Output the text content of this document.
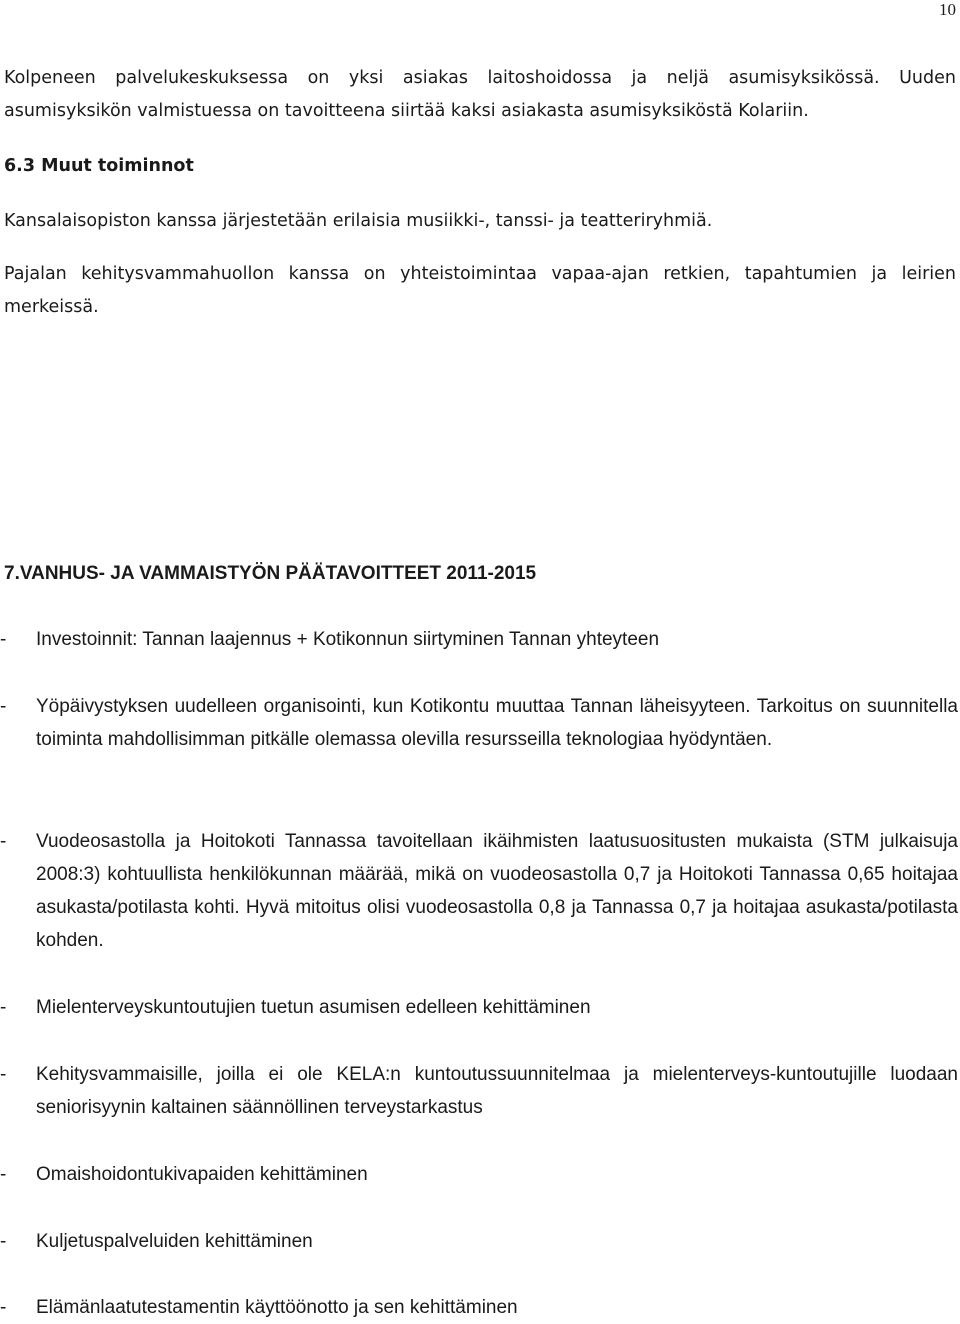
10

Kolpeneen palvelukeskuksessa on yksi asiakas laitoshoidossa ja neljä asumisyksikössä. Uuden asumisyksikön valmistuessa on tavoitteena siirtää kaksi asiakasta asumisyksiköstä Kolariin.

6.3 Muut toiminnot

Kansalaisopiston kanssa järjestetään erilaisia musiikki-, tanssi- ja teatteriryhmiä.

Pajalan kehitysvammahuollon kanssa on yhteistoimintaa vapaa-ajan retkien, tapahtumien ja leirien merkeissä.

7.VANHUS- JA VAMMAISTYÖN PÄÄTAVOITTEET 2011-2015

- Investoinnit: Tannan laajennus + Kotikonnun siirtyminen Tannan yhteyteen
- Yöpäivystyksen uudelleen organisointi, kun Kotikontu muuttaa Tannan läheisyyteen. Tarkoitus on suunnitella toiminta mahdollisimman pitkälle olemassa olevilla resursseilla teknologiaa hyödyntäen.
- Vuodeosastolla ja Hoitokoti Tannassa tavoitellaan ikäihmisten laatusuositusten mukaista (STM julkaisuja 2008:3) kohtuullista henkilökunnan määrää, mikä on vuodeosastolla 0,7 ja Hoitokoti Tannassa 0,65 hoitajaa asukasta/potilasta kohti. Hyvä mitoitus olisi vuodeosastolla 0,8 ja Tannassa 0,7 ja hoitajaa asukasta/potilasta kohden.
- Mielenterveyskuntoutujien tuetun asumisen edelleen kehittäminen
- Kehitysvammaisille, joilla ei ole KELA:n kuntoutussuunnitelmaa ja mielenterveys-kuntoutujille luodaan seniorisyynin kaltainen säännöllinen terveystarkastus
- Omaishoidontukivapaiden kehittäminen
- Kuljetuspalveluiden kehittäminen
- Elämänlaatutestamentin käyttöönotto ja sen kehittäminen
